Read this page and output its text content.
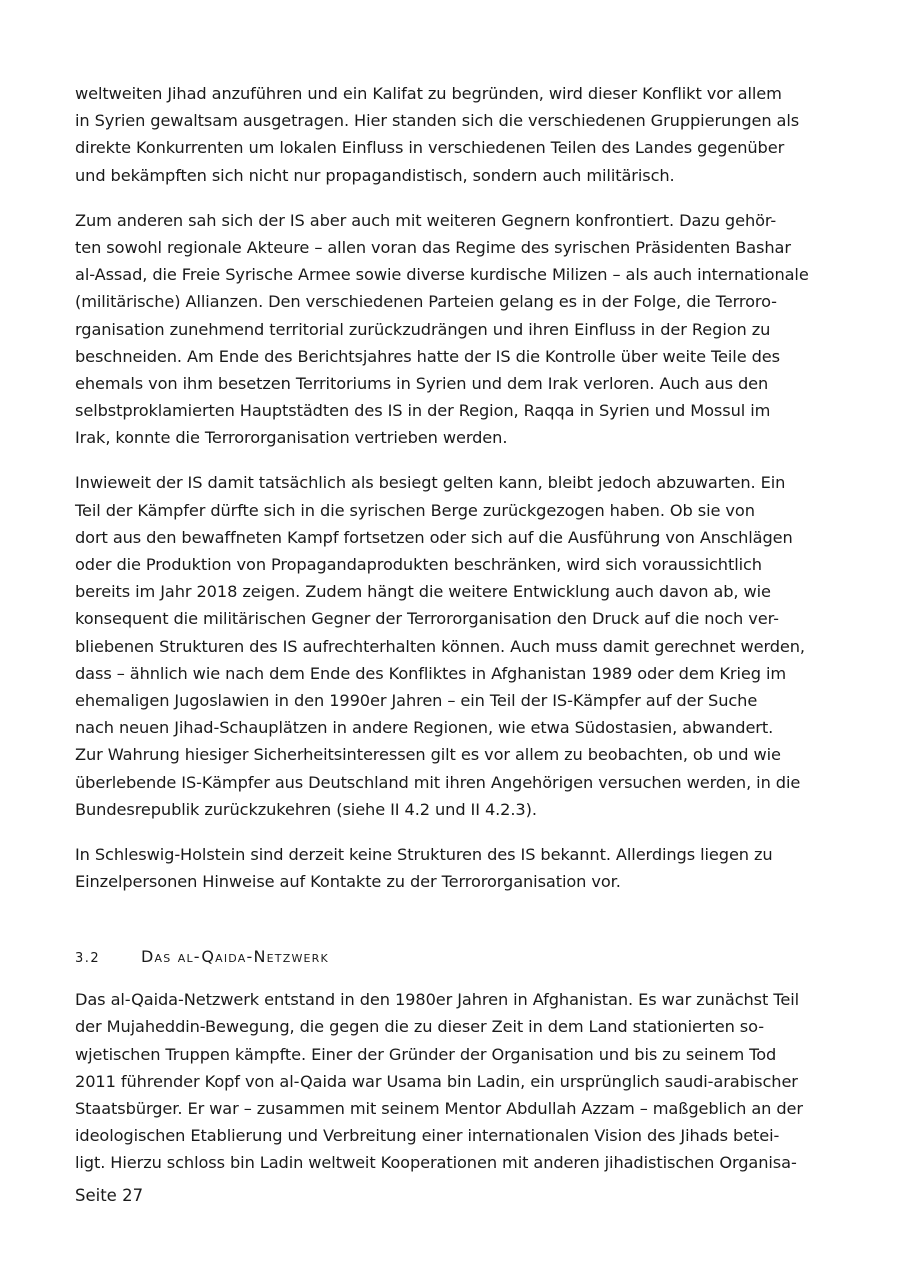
weltweiten Jihad anzuführen und ein Kalifat zu begründen, wird dieser Konflikt vor allem
in Syrien gewaltsam ausgetragen. Hier standen sich die verschiedenen Gruppierungen als
direkte Konkurrenten um lokalen Einfluss in verschiedenen Teilen des Landes gegenüber
und bekämpften sich nicht nur propagandistisch, sondern auch militärisch.
Zum anderen sah sich der IS aber auch mit weiteren Gegnern konfrontiert. Dazu gehör-
ten sowohl regionale Akteure – allen voran das Regime des syrischen Präsidenten Bashar
al-Assad, die Freie Syrische Armee sowie diverse kurdische Milizen – als auch internationale
(militärische) Allianzen. Den verschiedenen Parteien gelang es in der Folge, die Terroro-
rganisation zunehmend territorial zurückzudrängen und ihren Einfluss in der Region zu
beschneiden. Am Ende des Berichtsjahres hatte der IS die Kontrolle über weite Teile des
ehemals von ihm besetzen Territoriums in Syrien und dem Irak verloren. Auch aus den
selbstproklamierten Hauptstädten des IS in der Region, Raqqa in Syrien und Mossul im
Irak, konnte die Terrororganisation vertrieben werden.
Inwieweit der IS damit tatsächlich als besiegt gelten kann, bleibt jedoch abzuwarten. Ein
Teil der Kämpfer dürfte sich in die syrischen Berge zurückgezogen haben. Ob sie von
dort aus den bewaffneten Kampf fortsetzen oder sich auf die Ausführung von Anschlägen
oder die Produktion von Propagandaprodukten beschränken, wird sich voraussichtlich
bereits im Jahr 2018 zeigen. Zudem hängt die weitere Entwicklung auch davon ab, wie
konsequent die militärischen Gegner der Terrororganisation den Druck auf die noch ver-
bliebenen Strukturen des IS aufrechterhalten können. Auch muss damit gerechnet werden,
dass – ähnlich wie nach dem Ende des Konfliktes in Afghanistan 1989 oder dem Krieg im
ehemaligen Jugoslawien in den 1990er Jahren – ein Teil der IS-Kämpfer auf der Suche
nach neuen Jihad-Schauplätzen in andere Regionen, wie etwa Südostasien, abwandert.
Zur Wahrung hiesiger Sicherheitsinteressen gilt es vor allem zu beobachten, ob und wie
überlebende IS-Kämpfer aus Deutschland mit ihren Angehörigen versuchen werden, in die
Bundesrepublik zurückzukehren (siehe II 4.2 und II 4.2.3).
In Schleswig-Holstein sind derzeit keine Strukturen des IS bekannt. Allerdings liegen zu
Einzelpersonen Hinweise auf Kontakte zu der Terrororganisation vor.
3.2	Das al-Qaida-Netzwerk
Das al-Qaida-Netzwerk entstand in den 1980er Jahren in Afghanistan. Es war zunächst Teil
der Mujaheddin-Bewegung, die gegen die zu dieser Zeit in dem Land stationierten so-
wjetischen Truppen kämpfte. Einer der Gründer der Organisation und bis zu seinem Tod
2011 führender Kopf von al-Qaida war Usama bin Ladin, ein ursprünglich saudi-arabischer
Staatsbürger. Er war – zusammen mit seinem Mentor Abdullah Azzam – maßgeblich an der
ideologischen Etablierung und Verbreitung einer internationalen Vision des Jihads betei-
ligt. Hierzu schloss bin Ladin weltweit Kooperationen mit anderen jihadistischen Organisa-
Seite 27
